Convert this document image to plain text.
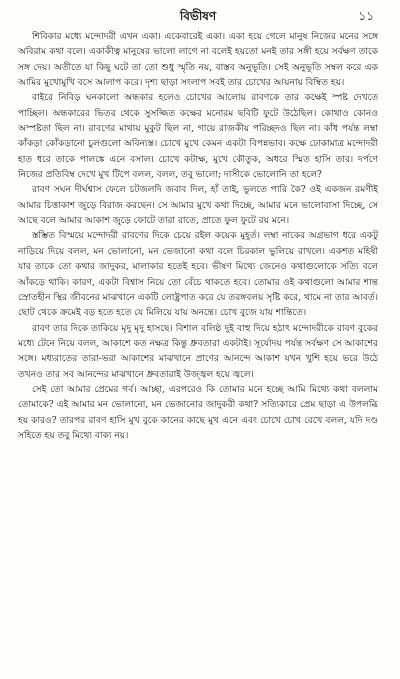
বিভীষণ	১১

শিবিকার মধ্যে মন্দোদরী এখন একা। একেবারেই একা। একা হয়ে গেলে মানুষ নিজের মনের সঙ্গে অবিরাম কথা বলে। একাকীত্ব মানুষের ভালো লাগে না বলেই হয়তো মনই তার সঙ্গী হয়ে সর্বক্ষণ তাকে সঙ্গ দেয়। অতীতে যা কিছু ঘটে তা তো শুধু স্মৃতি নয়, বাস্তব অনুভূতি। সেই অনুভূতি সম্বল করে এক আমির মুখোমুখি বসে আলাপ করে। দৃশ্য ছাড়া সংলাপ সবই তার চোখের আয়নায় বিম্বিত হয়।

বাইরে নিবিড় ঘনকালো অন্ধকার হলেও চোখের আলোয় রাবণকে তার কক্ষেই স্পষ্ট দেখতে পাচ্ছিল। অন্ধকারের ভিতর থেকে সুসজ্জিত কক্ষের মনোরম ছবিটি ফুটে উঠেছিল। কোথাও কোনও অস্পষ্টতা ছিল না। রাবণের মাথায় মুকুট ছিল না, গায়ে রাজকীয় পরিচ্ছদও ছিল না। কাঁধ পর্যন্ত লম্বা কাঁকড়া কোঁকড়ানো চুলগুলো অবিন্যস্ত। চোখে মুখে কেমন একটা বিপন্নভাব। কক্ষে ঢোকামাত্র মন্দোদরী হাত ধরে তাকে পালঙ্কে এনে বসাল। চোখে কটাক্ষ, মুখে কৌতুক, অধরে স্মিত হাসি তার। দর্পণে নিজের প্রতিবিম্ব দেখে মুখ টিপে বলল, বলল, তবু ভালো; দাসীকে ভোলোনি তা হলে?

রাবণ সঘন দীর্ঘশ্বাস ফেলে চটজলদি জবাব দিল, হাঁ তাই, ভুলতে পারি কৈ? ওই একজন রমণীই আমার চিত্তাকাশ জুড়ে বিরাজ করছেন। সে আমার মুখে কথা দিচ্ছে, আমার মনে ভালোবাসা দিচ্ছে, সে আছে বলে আমার আকাশ জুড়ে ফোটে তারা রাতে, প্রাতে ফুল ফুটে রয় মনে।

স্তম্ভিত বিস্ময়ে মন্দোদরী রাবণের দিকে চেয়ে রইল কয়েক মুহূর্ত। লম্বা নাকের অগ্রভাগ ধরে একটু নাড়িয়ে দিয়ে বলল, মন ভোলানো, মন ভেজানো কথা বলে চিরকাল ভুলিয়ে রাখলে। একশত মহিষী যার তাকে তো কথার জাদুকর, মালাকার হতেই হবে। ভীষণ মিথ্যে জেনেও কথাগুলোকে সত্যি বলে আঁকড়ে থাকি। কারণ, একটা বিশ্বাস নিয়ে তো বেঁচে থাকতে হবে। তোমার ওই কথাগুলো আমার শান্ত স্রোতহীন স্থির জীবনের মাঝখানে একটি লোষ্ট্রপাত করে যে তরঙ্গবলয় সৃষ্টি করে, থামে না তার আবর্ত। ছোট থেকে ক্রমেই বড় হতে হতে যে মিলিয়ে যায় অনন্তে। চোখ বুজে যায় শান্তিতে।

রাবণ তার দিকে তাকিয়ে মৃদু মৃদু হাসছে। বিশাল বলিষ্ঠ দুই বাহু দিয়ে হঠাৎ মন্দোদরীকে রাবণ বুকের মধ্যে টেনে নিয়ে বলল, আকাশে কত নক্ষত্র কিন্তু ধ্রুবতারা একটাই। সূর্যোদয় পর্যন্ত সর্বক্ষণ সে আকাশের সঙ্গে। মধ্যরাতের তারা-ভরা আকাশের মাঝখানে প্রাণের আনন্দে আকাশ যখন খুশি হয়ে ভরে উঠে তখনও তার সব আনন্দের মাঝখানে ধ্রুবতারাই উজ্জ্বল হয়ে জ্বলে।

সেই তো আমার প্রেমের গর্ব। আচ্ছা, এরপরেও কি তোমার মনে হচ্ছে আমি মিথ্যে কথা বললাম তোমাকে? এই আমার মন ভোলানো, মন ভেজানোর জাদুকরী কথা? সত্যিকারে প্রেম ছাড়া এ উপলব্ধি হয় কারও? তারপর রাবণ হাসি মুখ বুকে কানের কাছে মুখ এনে এবং চোখে চোখ রেখে বলল, যদি দণ্ড সহিতে হয় তবু মিথ্যে বাক্য নয়।
